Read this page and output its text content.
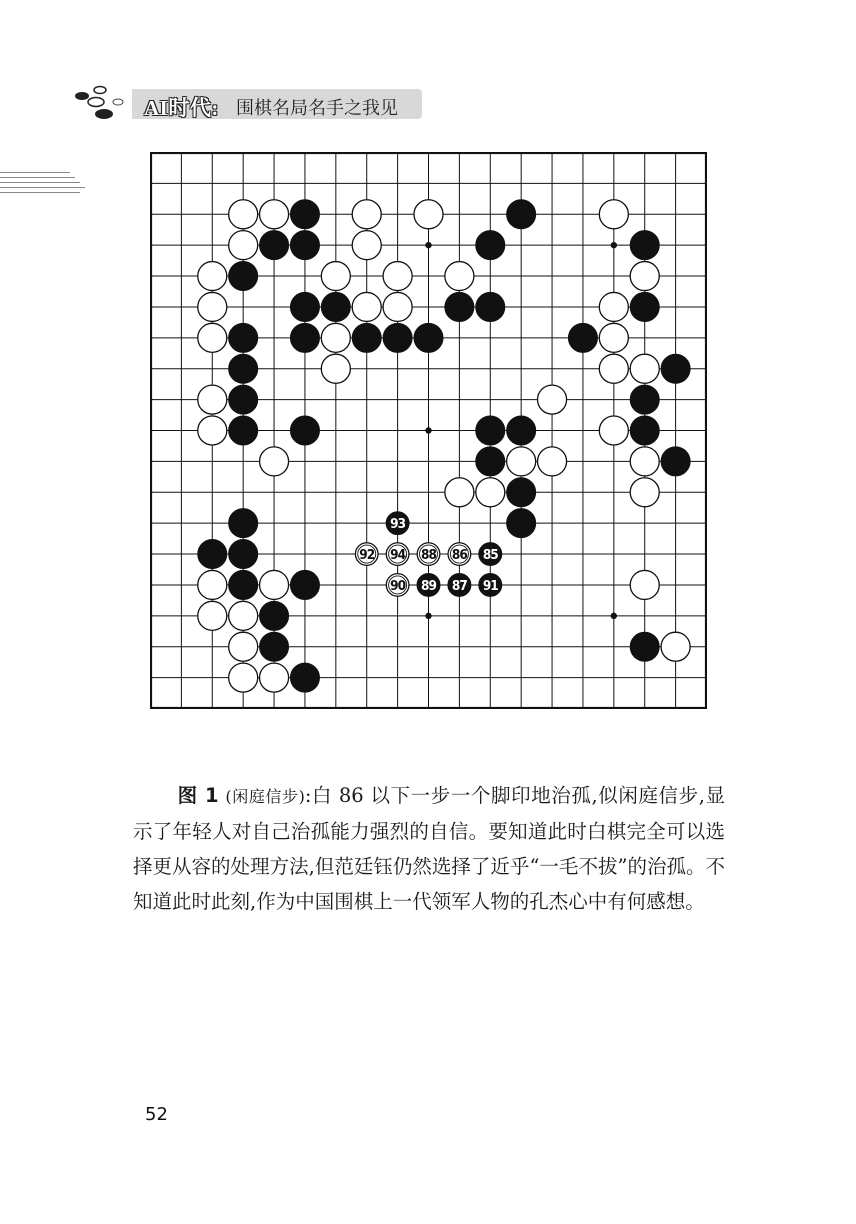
AI时代: 围棋名局名手之我见
93
85
89 87 91
92 94 88 86
90
图 1 (闲庭信步):白 86 以下一步一个脚印地治孤,似闲庭信步,显示了年轻人对自己治孤能力强烈的自信。要知道此时白棋完全可以选择更从容的处理方法,但范廷钰仍然选择了近乎“一毛不拔”的治孤。不知道此时此刻,作为中国围棋上一代领军人物的孔杰心中有何感想。
52
